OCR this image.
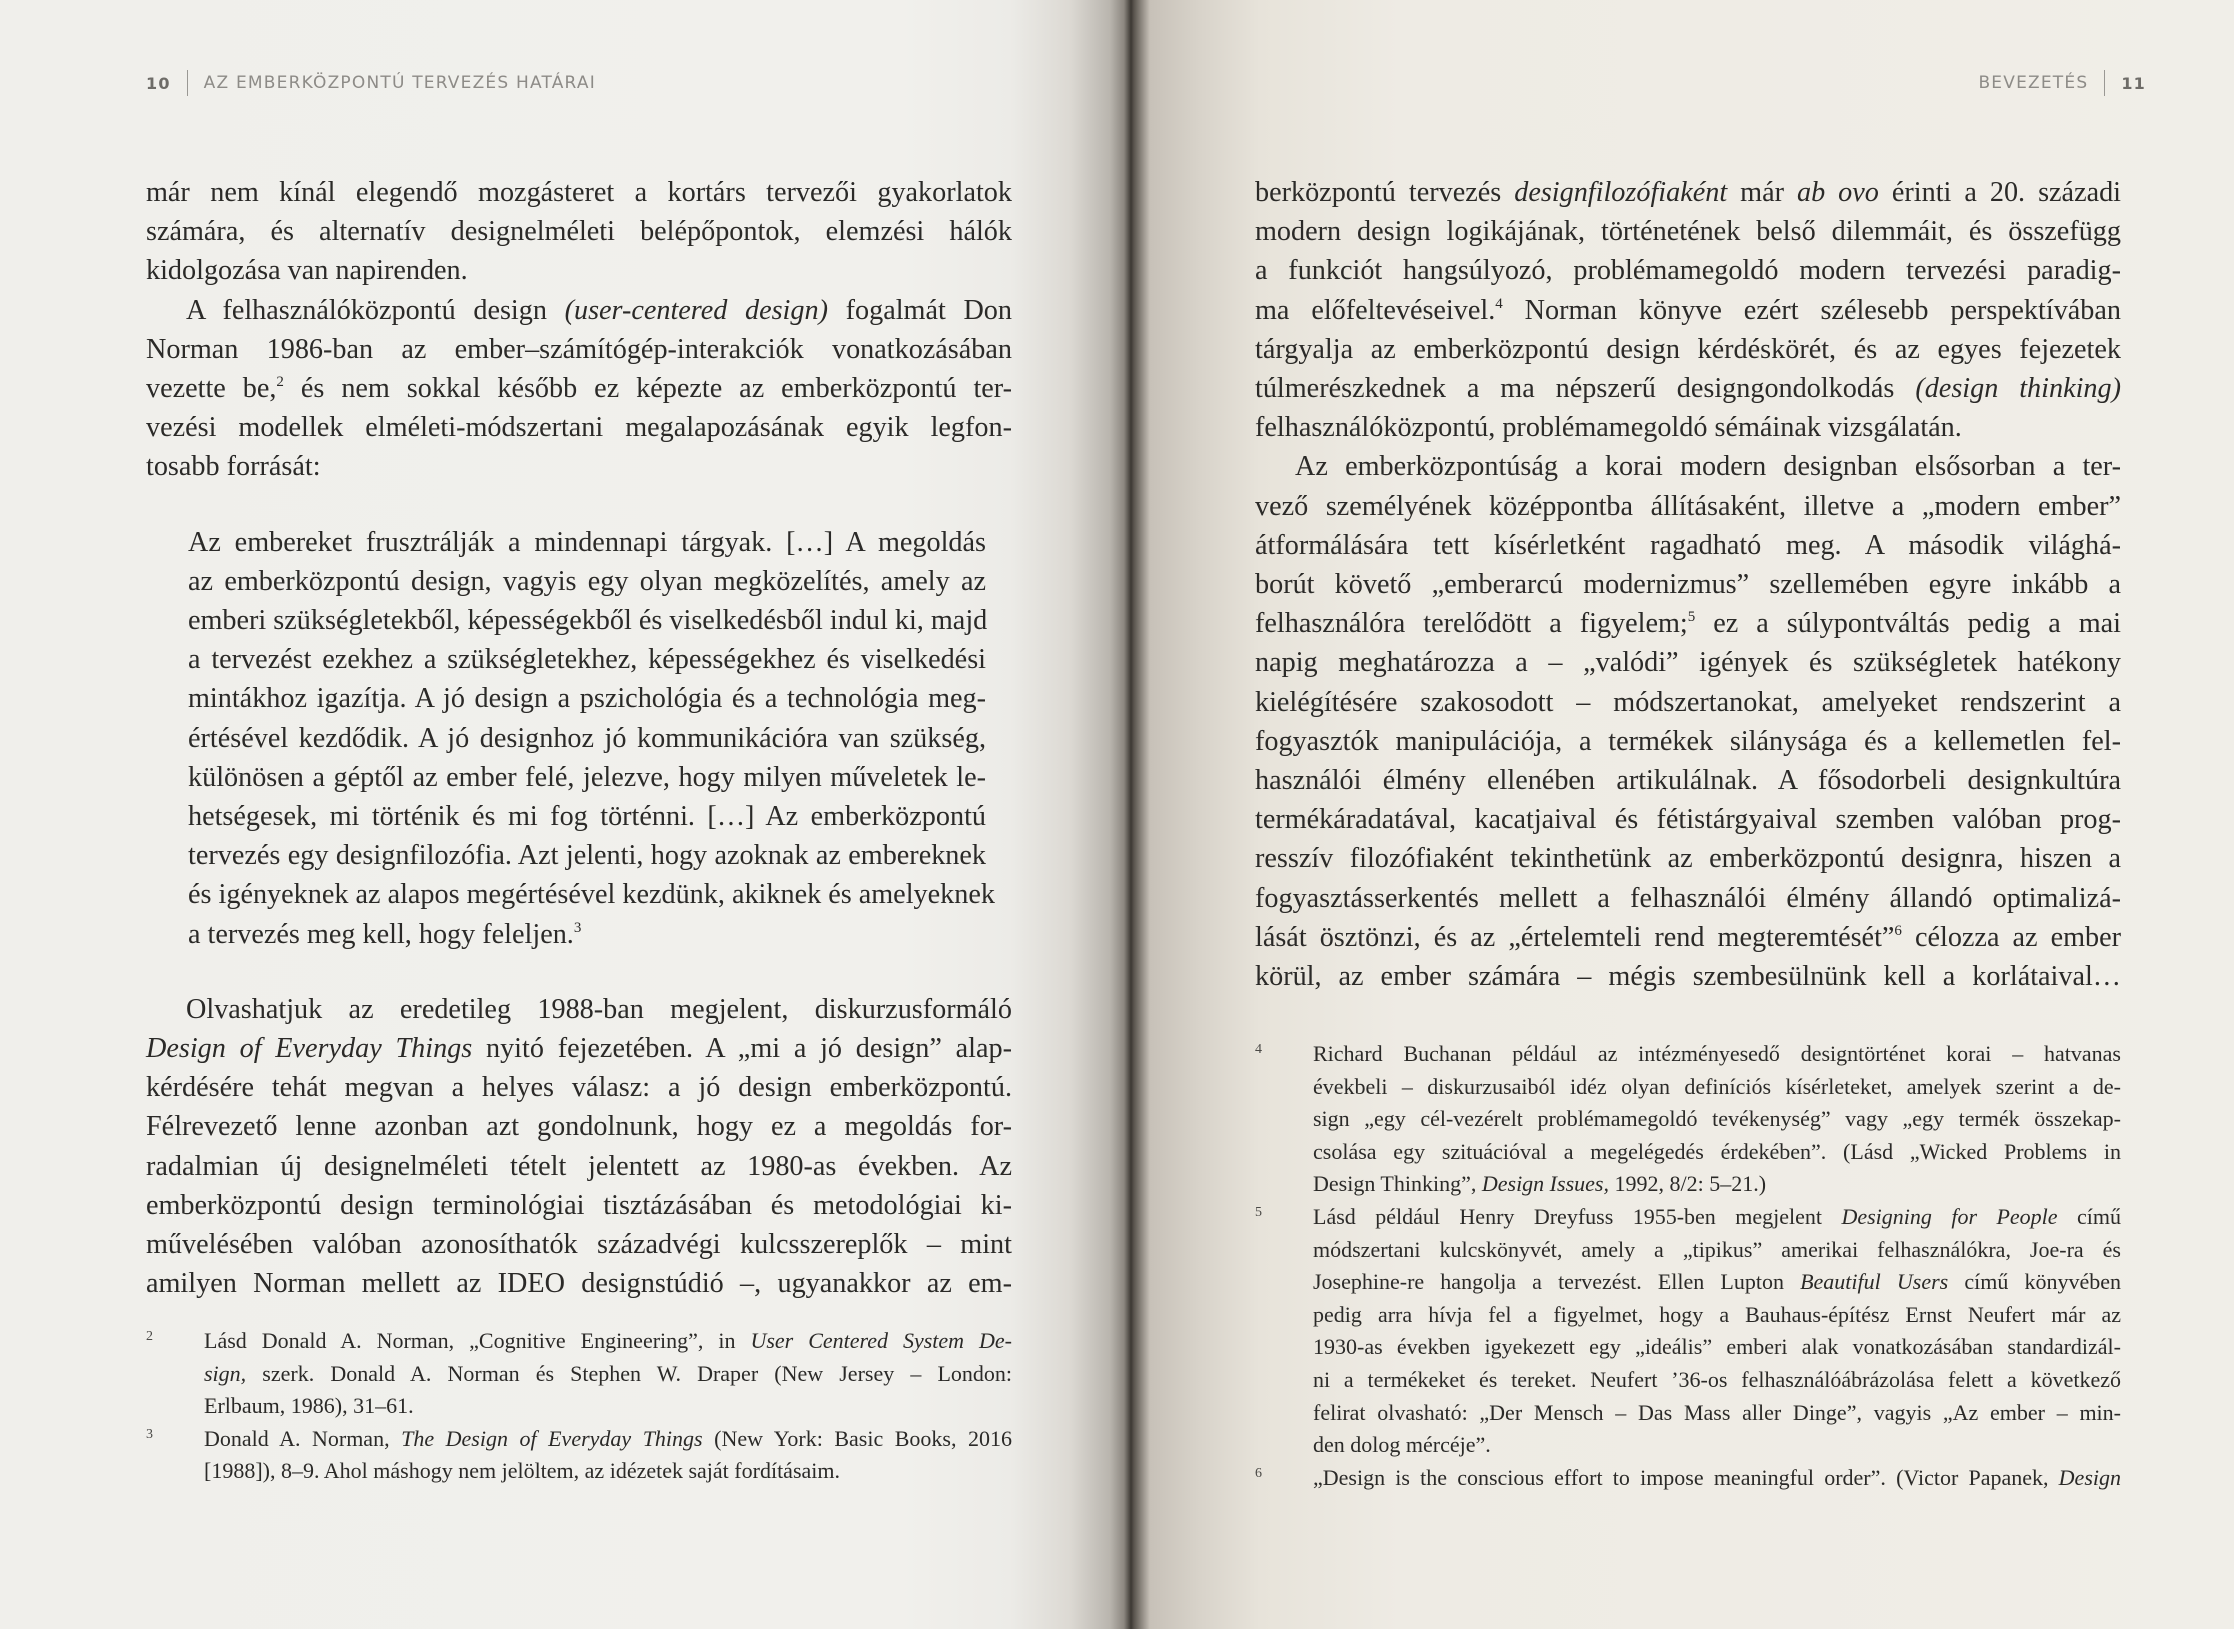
10 AZ EMBERKÖZPONTÚ TERVEZÉS HATÁRAI

már nem kínál elegendő mozgásteret a kortárs tervezői gyakorlatok
számára, és alternatív designelméleti belépőpontok, elemzési hálók
kidolgozása van napirenden.

A felhasználóközpontú design (user-centered design) fogalmát Don
Norman 1986-ban az ember–számítógép-interakciók vonatkozásában
vezette be,$^2$ és nem sokkal később ez képezte az emberközpontú ter-
vezési modellek elméleti-módszertani megalapozásának egyik legfon-
tosabb forrását:

Az embereket frusztrálják a mindennapi tárgyak. […] A megoldás
az emberközpontú design, vagyis egy olyan megközelítés, amely az
emberi szükségletekből, képességekből és viselkedésből indul ki, majd
a tervezést ezekhez a szükségletekhez, képességekhez és viselkedési
mintákhoz igazítja. A jó design a pszichológia és a technológia meg-
értésével kezdődik. A jó designhoz jó kommunikációra van szükség,
különösen a géptől az ember felé, jelezve, hogy milyen műveletek le-
hetségesek, mi történik és mi fog történni. […] Az emberközpontú
tervezés egy designfilozófia. Azt jelenti, hogy azoknak az embereknek
és igényeknek az alapos megértésével kezdünk, akiknek és amelyeknek
a tervezés meg kell, hogy feleljen.$^3$

Olvashatjuk az eredetileg 1988-ban megjelent, diskurzusformáló
Design of Everyday Things nyitó fejezetében. A „mi a jó design” alap-
kérdésére tehát megvan a helyes válasz: a jó design emberközpontú.
Félrevezető lenne azonban azt gondolnunk, hogy ez a megoldás for-
radalmian új designelméleti tételt jelentett az 1980-as években. Az
emberközpontú design terminológiai tisztázásában és metodológiai ki-
művelésében valóban azonosíthatók századvégi kulcsszereplők – mint
amilyen Norman mellett az IDEO designstúdió –, ugyanakkor az em-

2 Lásd Donald A. Norman, „Cognitive Engineering”, in User Centered System De-
sign, szerk. Donald A. Norman és Stephen W. Draper (New Jersey – London:
Erlbaum, 1986), 31–61.
3 Donald A. Norman, The Design of Everyday Things (New York: Basic Books, 2016
[1988]), 8–9. Ahol máshogy nem jelöltem, az idézetek saját fordításaim.
BEVEZETÉS 11

berközpontú tervezés designfilozófiaként már ab ovo érinti a 20. századi
modern design logikájának, történetének belső dilemmáit, és összefügg
a funkciót hangsúlyozó, problémamegoldó modern tervezési paradig-
ma előfeltevéseivel.$^4$ Norman könyve ezért szélesebb perspektívában
tárgyalja az emberközpontú design kérdéskörét, és az egyes fejezetek
túlmerészkednek a ma népszerű designgondolkodás (design thinking)
felhasználóközpontú, problémamegoldó sémáinak vizsgálatán.

Az emberközpontúság a korai modern designban elsősorban a ter-
vező személyének középpontba állításaként, illetve a „modern ember”
átformálására tett kísérletként ragadható meg. A második világhá-
borút követő „emberarcú modernizmus” szellemében egyre inkább a
felhasználóra terelődött a figyelem;$^5$ ez a súlypontváltás pedig a mai
napig meghatározza a – „valódi” igények és szükségletek hatékony
kielégítésére szakosodott – módszertanokat, amelyeket rendszerint a
fogyasztók manipulációja, a termékek silánysága és a kellemetlen fel-
használói élmény ellenében artikulálnak. A fősodorbeli designkultúra
termékáradatával, kacatjaival és fétistárgyaival szemben valóban prog-
resszív filozófiaként tekinthetünk az emberközpontú designra, hiszen a
fogyasztásserkentés mellett a felhasználói élmény állandó optimalizá-
lását ösztönzi, és az „értelemteli rend megteremtését”$^6$ célozza az ember
körül, az ember számára – mégis szembesülnünk kell a korlátaival…

4 Richard Buchanan például az intézményesedő designtörténet korai – hatvanas
évekbeli – diskurzusaiból idéz olyan definíciós kísérleteket, amelyek szerint a de-
sign „egy cél-vezérelt problémamegoldó tevékenység” vagy „egy termék összekap-
csolása egy szituációval a megelégedés érdekében”. (Lásd „Wicked Problems in
Design Thinking”, Design Issues, 1992, 8/2: 5–21.)
5 Lásd például Henry Dreyfuss 1955-ben megjelent Designing for People című
módszertani kulcskönyvét, amely a „tipikus” amerikai felhasználókra, Joe-ra és
Josephine-re hangolja a tervezést. Ellen Lupton Beautiful Users című könyvében
pedig arra hívja fel a figyelmet, hogy a Bauhaus-építész Ernst Neufert már az
1930-as években igyekezett egy „ideális” emberi alak vonatkozásában standardizál-
ni a termékeket és tereket. Neufert ’36-os felhasználóábrázolása felett a következő
felirat olvasható: „Der Mensch – Das Mass aller Dinge”, vagyis „Az ember – min-
den dolog mércéje”.
6 „Design is the conscious effort to impose meaningful order”. (Victor Papanek, Design
